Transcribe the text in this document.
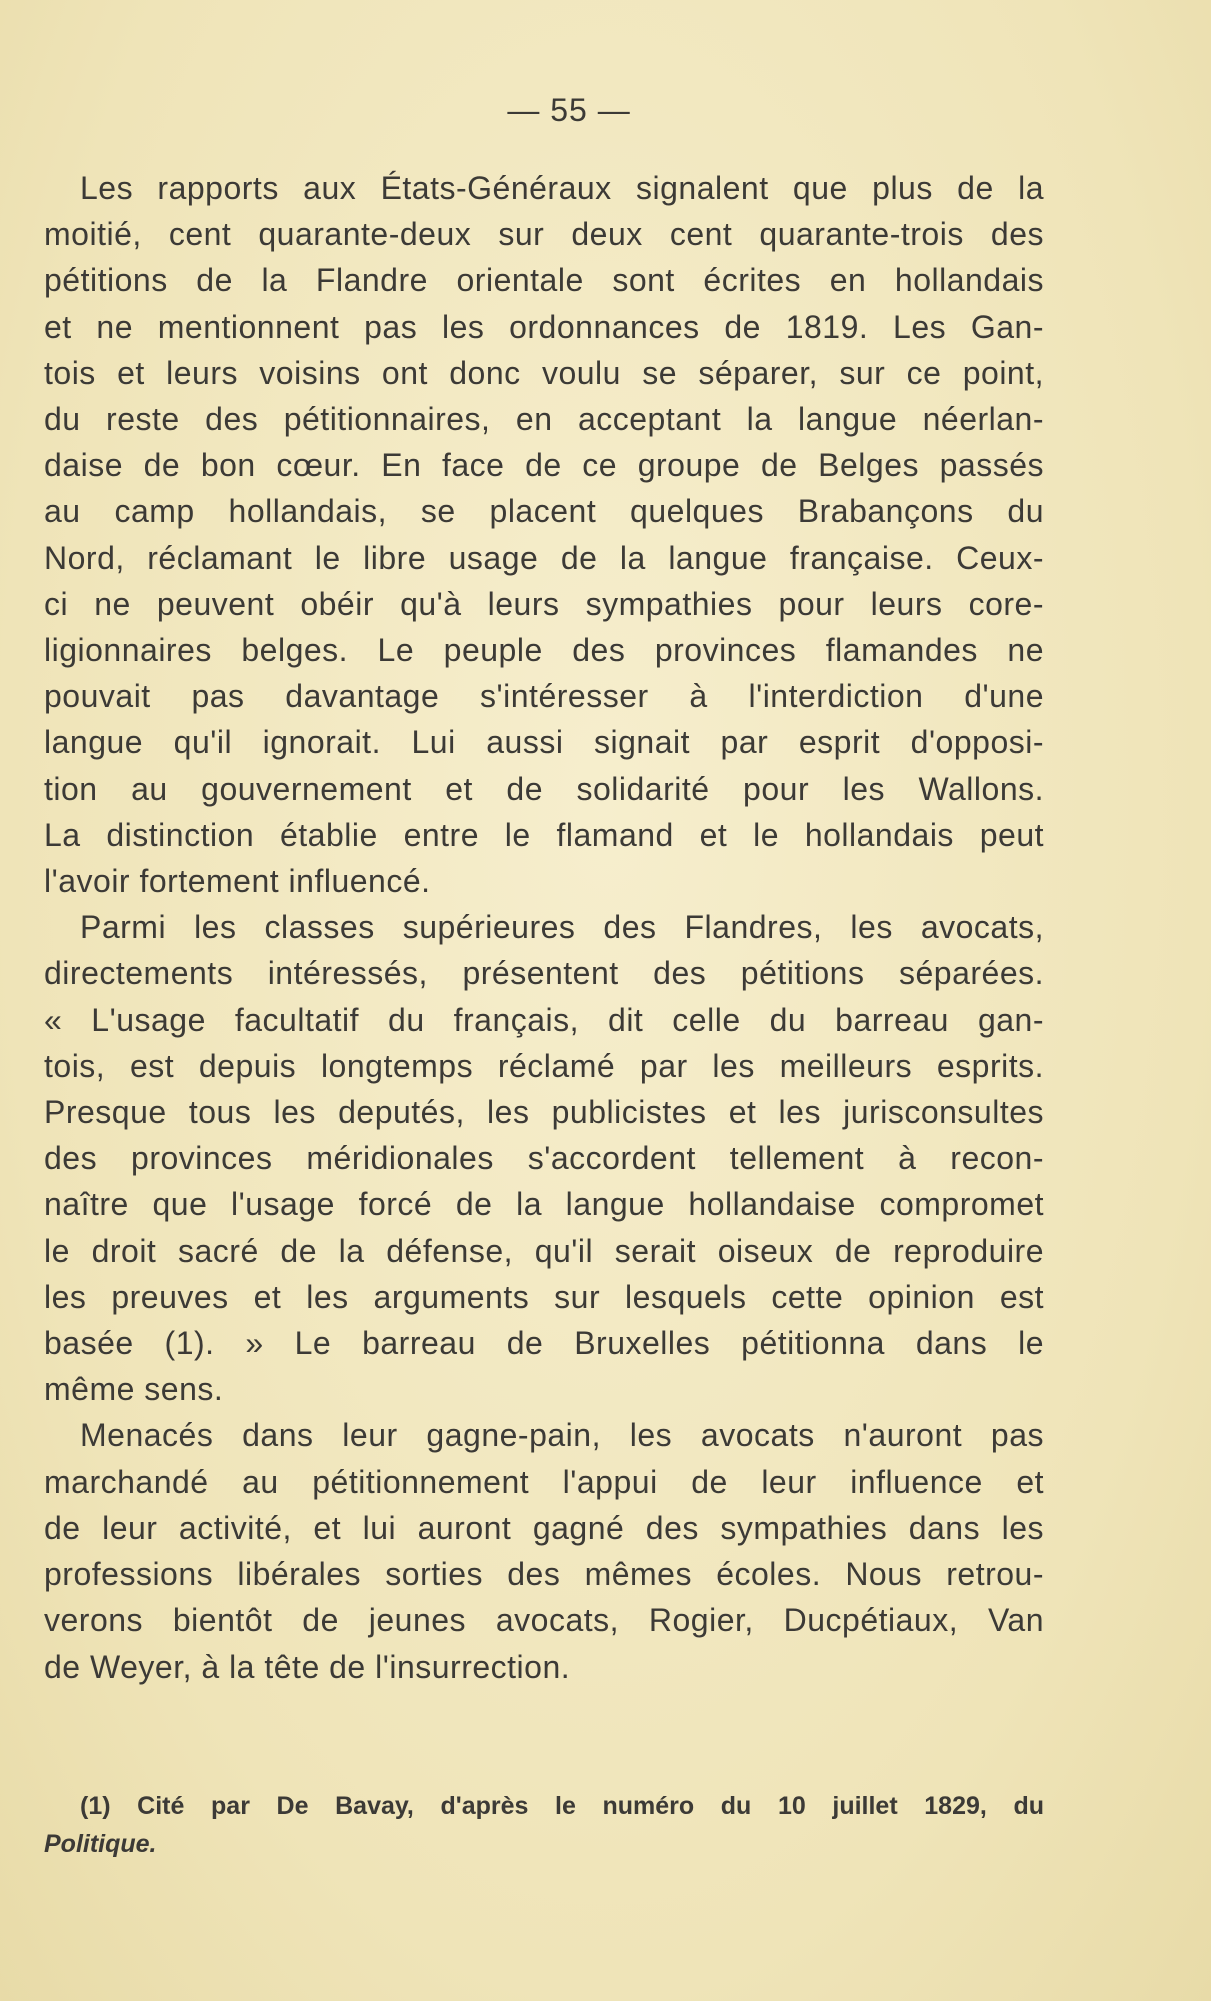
— 55 —

Les rapports aux États-Généraux signalent que plus de la
moitié, cent quarante-deux sur deux cent quarante-trois des
pétitions de la Flandre orientale sont écrites en hollandais
et ne mentionnent pas les ordonnances de 1819. Les Gan-
tois et leurs voisins ont donc voulu se séparer, sur ce point,
du reste des pétitionnaires, en acceptant la langue néerlan-
daise de bon cœur. En face de ce groupe de Belges passés
au camp hollandais, se placent quelques Brabançons du
Nord, réclamant le libre usage de la langue française. Ceux-
ci ne peuvent obéir qu'à leurs sympathies pour leurs core-
ligionnaires belges. Le peuple des provinces flamandes ne
pouvait pas davantage s'intéresser à l'interdiction d'une
langue qu'il ignorait. Lui aussi signait par esprit d'opposi-
tion au gouvernement et de solidarité pour les Wallons.
La distinction établie entre le flamand et le hollandais peut
l'avoir fortement influencé.

Parmi les classes supérieures des Flandres, les avocats,
directements intéressés, présentent des pétitions séparées.
« L'usage facultatif du français, dit celle du barreau gan-
tois, est depuis longtemps réclamé par les meilleurs esprits.
Presque tous les deputés, les publicistes et les jurisconsultes
des provinces méridionales s'accordent tellement à recon-
naître que l'usage forcé de la langue hollandaise compromet
le droit sacré de la défense, qu'il serait oiseux de reproduire
les preuves et les arguments sur lesquels cette opinion est
basée (1). » Le barreau de Bruxelles pétitionna dans le
même sens.

Menacés dans leur gagne-pain, les avocats n'auront pas
marchandé au pétitionnement l'appui de leur influence et
de leur activité, et lui auront gagné des sympathies dans les
professions libérales sorties des mêmes écoles. Nous retrou-
verons bientôt de jeunes avocats, Rogier, Ducpétiaux, Van
de Weyer, à la tête de l'insurrection.

(1) Cité par De Bavay, d'après le numéro du 10 juillet 1829, du
Politique.
